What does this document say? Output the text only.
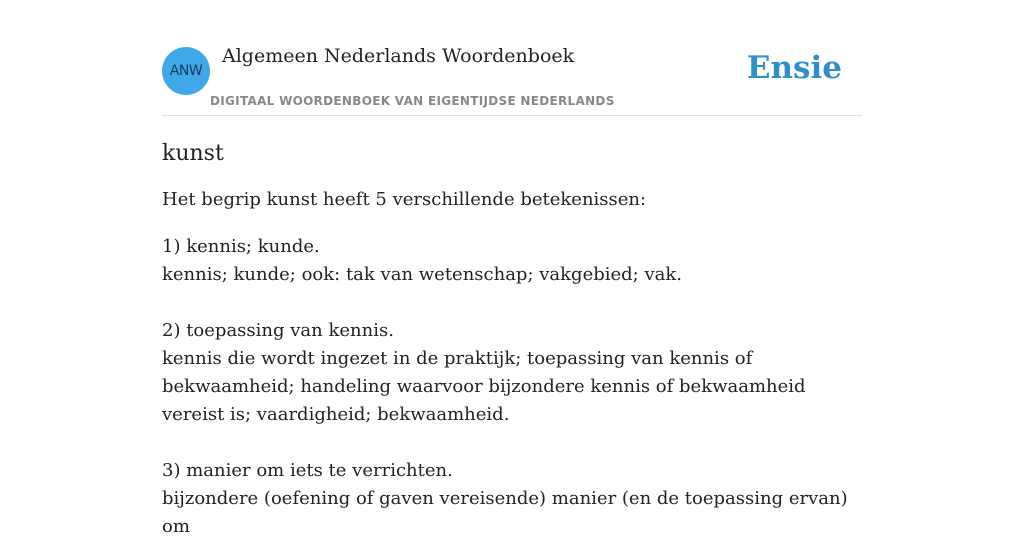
ANW
Algemeen Nederlands Woordenboek
DIGITAAL WOORDENBOEK VAN EIGENTIJDSE NEDERLANDS
Ensie
kunst

Het begrip kunst heeft 5 verschillende betekenissen:

1) kennis; kunde.
kennis; kunde; ook: tak van wetenschap; vakgebied; vak.
2) toepassing van kennis.
kennis die wordt ingezet in de praktijk; toepassing van kennis of bekwaamheid; handeling waarvoor bijzondere kennis of bekwaamheid vereist is; vaardigheid; bekwaamheid.
3) manier om iets te verrichten.
bijzondere (oefening of gaven vereisende) manier (en de toepassing ervan) om
